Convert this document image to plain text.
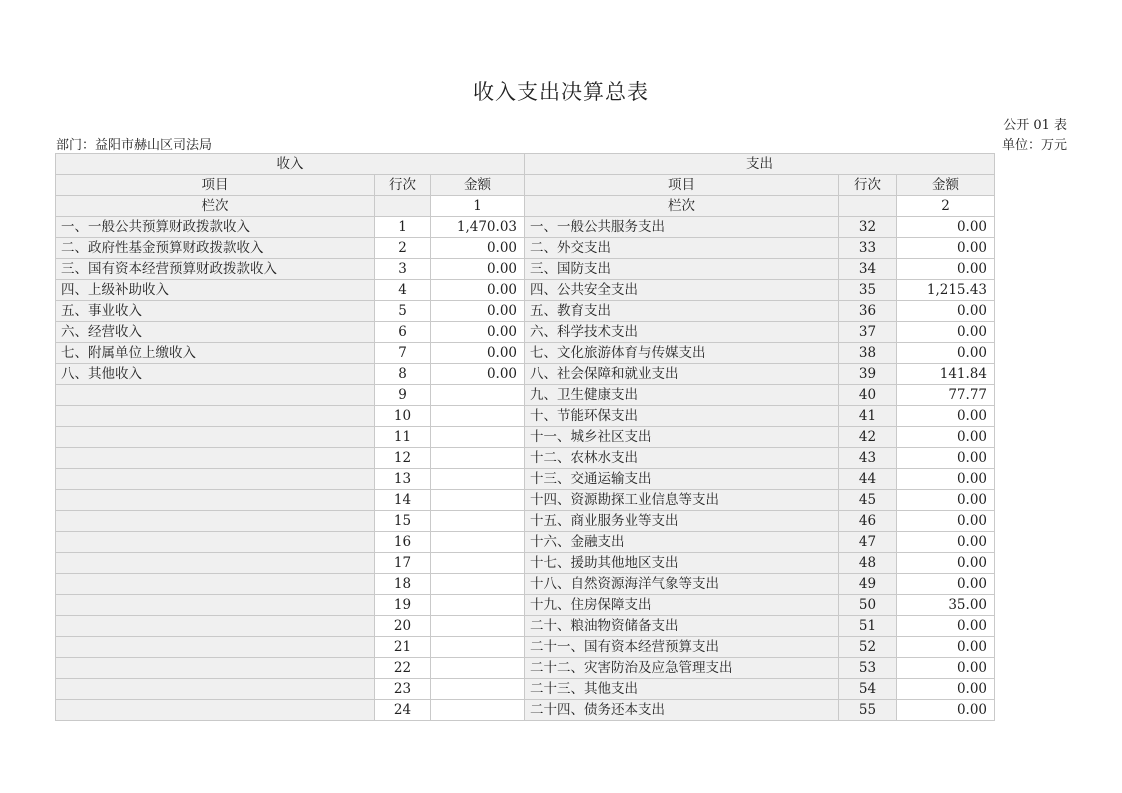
收入支出决算总表
公开 01 表
部门：益阳市赫山区司法局	单位：万元
收入			支出		
项目	行次	金额	项目	行次	金额
栏次		1	栏次		2
一、一般公共预算财政拨款收入	1	1,470.03	一、一般公共服务支出	32	0.00
二、政府性基金预算财政拨款收入	2	0.00	二、外交支出	33	0.00
三、国有资本经营预算财政拨款收入	3	0.00	三、国防支出	34	0.00
四、上级补助收入	4	0.00	四、公共安全支出	35	1,215.43
五、事业收入	5	0.00	五、教育支出	36	0.00
六、经营收入	6	0.00	六、科学技术支出	37	0.00
七、附属单位上缴收入	7	0.00	七、文化旅游体育与传媒支出	38	0.00
八、其他收入	8	0.00	八、社会保障和就业支出	39	141.84
	9		九、卫生健康支出	40	77.77
	10		十、节能环保支出	41	0.00
	11		十一、城乡社区支出	42	0.00
	12		十二、农林水支出	43	0.00
	13		十三、交通运输支出	44	0.00
	14		十四、资源勘探工业信息等支出	45	0.00
	15		十五、商业服务业等支出	46	0.00
	16		十六、金融支出	47	0.00
	17		十七、援助其他地区支出	48	0.00
	18		十八、自然资源海洋气象等支出	49	0.00
	19		十九、住房保障支出	50	35.00
	20		二十、粮油物资储备支出	51	0.00
	21		二十一、国有资本经营预算支出	52	0.00
	22		二十二、灾害防治及应急管理支出	53	0.00
	23		二十三、其他支出	54	0.00
	24		二十四、债务还本支出	55	0.00
